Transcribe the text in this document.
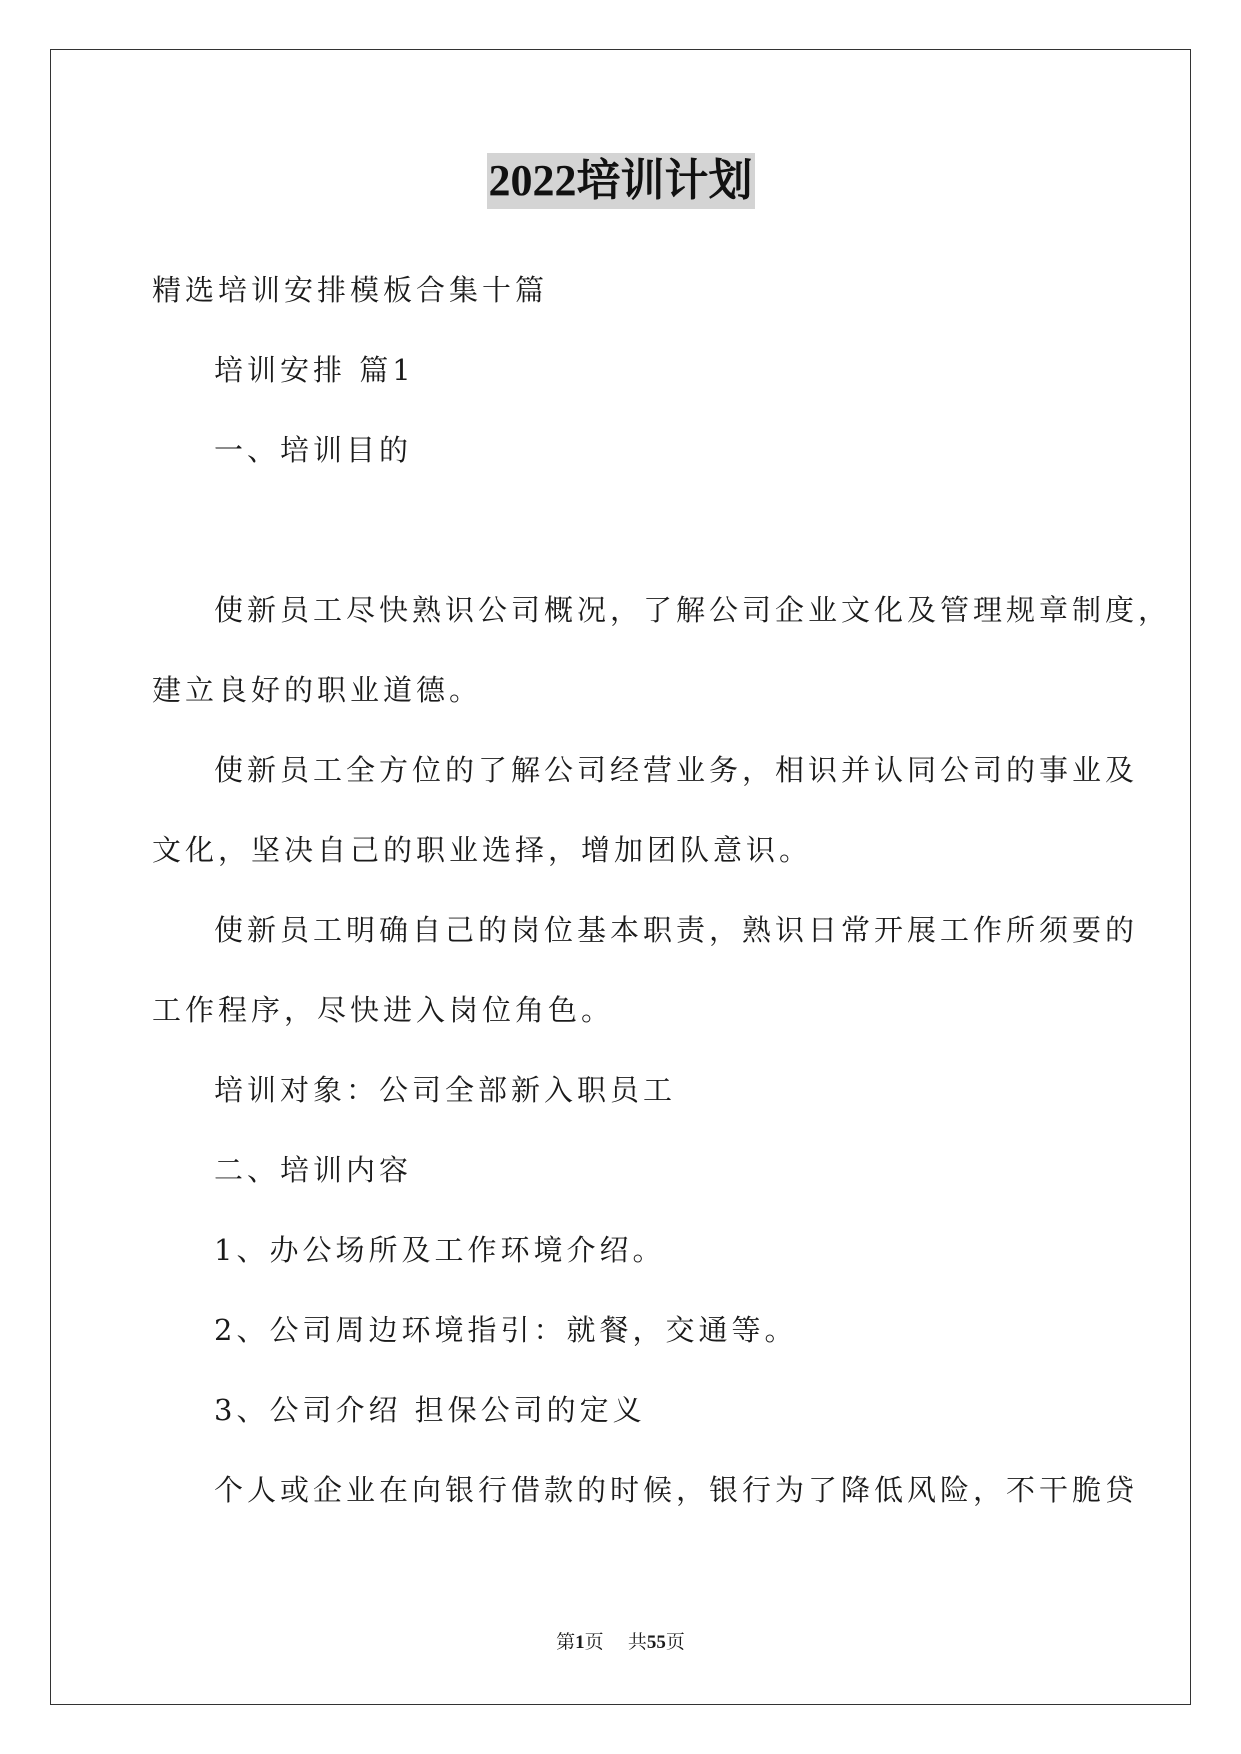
2022培训计划
精选培训安排模板合集十篇
培训安排 篇1
一、培训目的
使新员工尽快熟识公司概况，了解公司企业文化及管理规章制度，
建立良好的职业道德。
使新员工全方位的了解公司经营业务，相识并认同公司的事业及
文化，坚决自己的职业选择，增加团队意识。
使新员工明确自己的岗位基本职责，熟识日常开展工作所须要的
工作程序，尽快进入岗位角色。
培训对象：公司全部新入职员工
二、培训内容
1、办公场所及工作环境介绍。
2、公司周边环境指引：就餐，交通等。
3、公司介绍 担保公司的定义
个人或企业在向银行借款的时候，银行为了降低风险，不干脆贷
第1页 共55页
